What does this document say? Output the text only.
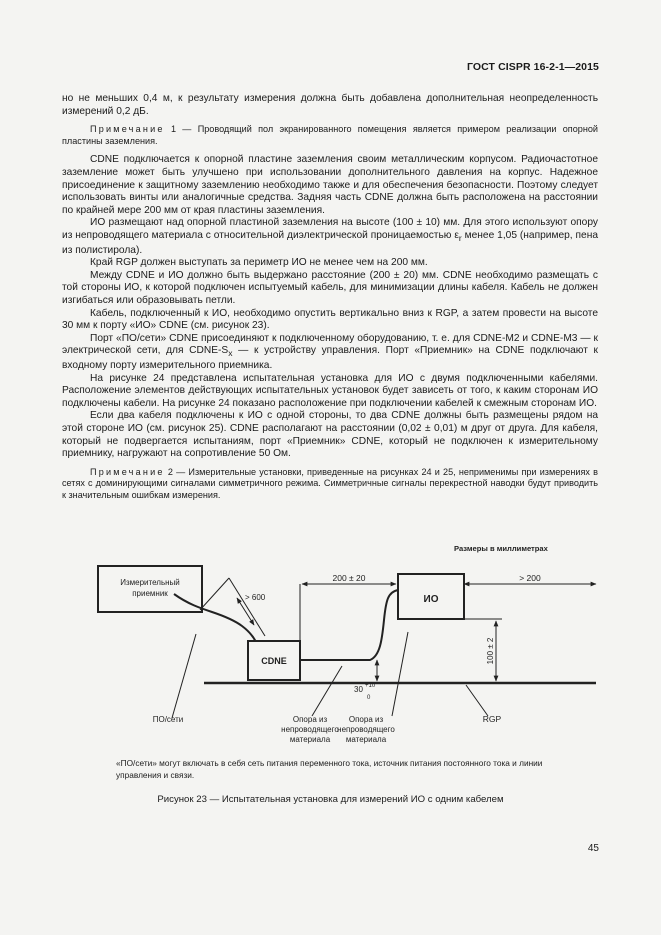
ГОСТ CISPR 16-2-1—2015

но не меньших 0,4 м, к результату измерения должна быть добавлена дополнительная неопределенность измерений 0,2 дБ.

Примечание 1 — Проводящий пол экранированного помещения является примером реализации опорной пластины заземления.

CDNE подключается к опорной пластине заземления своим металлическим корпусом. Радиочастотное заземление может быть улучшено при использовании дополнительного давления на корпус. Надежное присоединение к защитному заземлению необходимо также и для обеспечения безопасности. Поэтому следует использовать винты или аналогичные средства. Задняя часть CDNE должна быть расположена на расстоянии по крайней мере 200 мм от края пластины заземления.

ИО размещают над опорной пластиной заземления на высоте (100 ± 10) мм. Для этого используют опору из непроводящего материала с относительной диэлектрической проницаемостью $\varepsilon_r$ менее 1,05 (например, пена из полистирола).

Край RGP должен выступать за периметр ИО не менее чем на 200 мм.

Между CDNE и ИО должно быть выдержано расстояние (200 ± 20) мм. CDNE необходимо размещать с той стороны ИО, к которой подключен испытуемый кабель, для минимизации длины кабеля. Кабель не должен изгибаться или образовывать петли.

Кабель, подключенный к ИО, необходимо опустить вертикально вниз к RGP, а затем провести на высоте 30 мм к порту «ИО» CDNE (см. рисунок 23).

Порт «ПО/сети» CDNE присоединяют к подключенному оборудованию, т. е. для CDNE-M2 и CDNE-M3 — к электрической сети, для CDNE-$S_x$ — к устройству управления. Порт «Приемник» на CDNE подключают к входному порту измерительного приемника.

На рисунке 24 представлена испытательная установка для ИО с двумя подключенными кабелями. Расположение элементов действующих испытательных установок будет зависеть от того, к каким сторонам ИО подключены кабели. На рисунке 24 показано расположение при подключении кабелей к смежным сторонам ИО.

Если два кабеля подключены к ИО с одной стороны, то два CDNE должны быть размещены рядом на этой стороне ИО (см. рисунок 25). CDNE располагают на расстоянии (0,02 ± 0,01) м друг от друга. Для кабеля, который не подвергается испытаниям, порт «Приемник» CDNE, который не подключен к измерительному приемнику, нагружают на сопротивление 50 Ом.

Примечание 2 — Измерительные установки, приведенные на рисунках 24 и 25, неприменимы при измерениях в сетях с доминирующими сигналами симметричного режима. Симметричные сигналы перекрестной наводки будут приводить к значительным ошибкам измерения.

Размеры в миллиметрах
Измерительный
приемник	> 600
CDNE
ИО
200 ± 20	> 200
100 ± 2
30 +10
0
ПО/сети	Опора из
непроводящего
материала
Опора из
непроводящего
материала
RGP
«ПО/сети» могут включать в себя сеть питания переменного тока, источник питания постоянного тока и линии управления и связи.
Рисунок 23 — Испытательная установка для измерений ИО с одним кабелем
45
